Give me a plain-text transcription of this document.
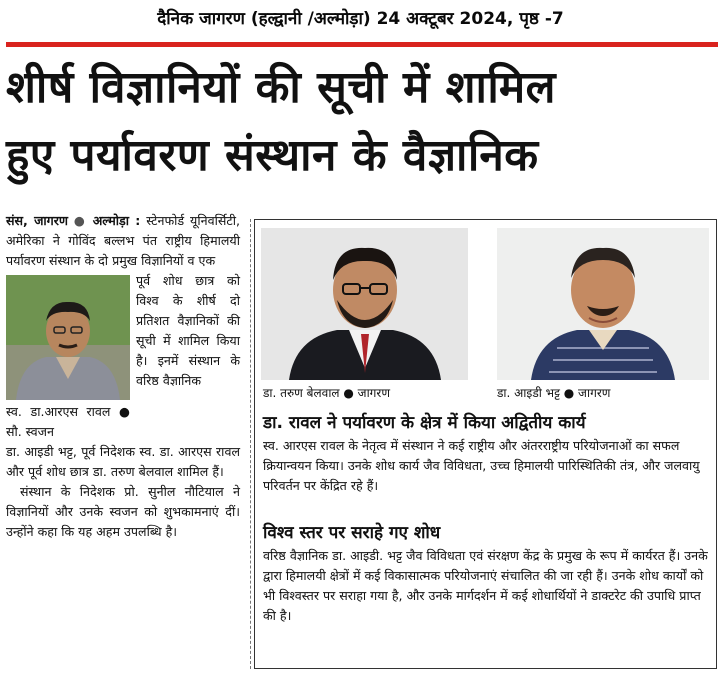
दैनिक जागरण (हल्द्वानी /अल्मोड़ा) 24 अक्टूबर 2024, पृष्ठ -7
शीर्ष विज्ञानियों की सूची में शामिल
हुए पर्यावरण संस्थान के वैज्ञानिक

संस, जागरण ● अल्मोड़ा : स्टेनफोर्ड यूनिवर्सिटी, अमेरिका ने गोविंद बल्लभ पंत राष्ट्रीय हिमालयी पर्यावरण संस्थान के दो प्रमुख विज्ञानियों व एक

पूर्व शोध छात्र को विश्व के शीर्ष दो प्रतिशत वैज्ञानिकों की सूची में शामिल किया है। इनमें संस्थान के वरिष्ठ वैज्ञानिक

स्व. डा.आरएस रावल ● सौ. स्वजन

डा. आइडी भट्ट, पूर्व निदेशक स्व. डा. आरएस रावल और पूर्व शोध छात्र डा. तरुण बेलवाल शामिल हैं।

संस्थान के निदेशक प्रो. सुनील नौटियाल ने विज्ञानियों और उनके स्वजन को शुभकामनाएं दीं। उन्होंने कहा कि यह अहम उपलब्धि है।

डा. तरुण बेलवाल ● जागरण	डा. आइडी भट्ट ● जागरण
डा. रावल ने पर्यावरण के क्षेत्र में किया अद्वितीय कार्य

स्व. आरएस रावल के नेतृत्व में संस्थान ने कई राष्ट्रीय और अंतरराष्ट्रीय परियोजनाओं का सफल क्रियान्वयन किया। उनके शोध कार्य जैव विविधता, उच्च हिमालयी पारिस्थितिकी तंत्र, और जलवायु परिवर्तन पर केंद्रित रहे हैं।

विश्व स्तर पर सराहे गए शोध

वरिष्ठ वैज्ञानिक डा. आइडी. भट्ट जैव विविधता एवं संरक्षण केंद्र के प्रमुख के रूप में कार्यरत हैं। उनके द्वारा हिमालयी क्षेत्रों में कई विकासात्मक परियोजनाएं संचालित की जा रही हैं। उनके शोध कार्यों को भी विश्वस्तर पर सराहा गया है, और उनके मार्गदर्शन में कई शोधार्थियों ने डाक्टरेट की उपाधि प्राप्त की है।
